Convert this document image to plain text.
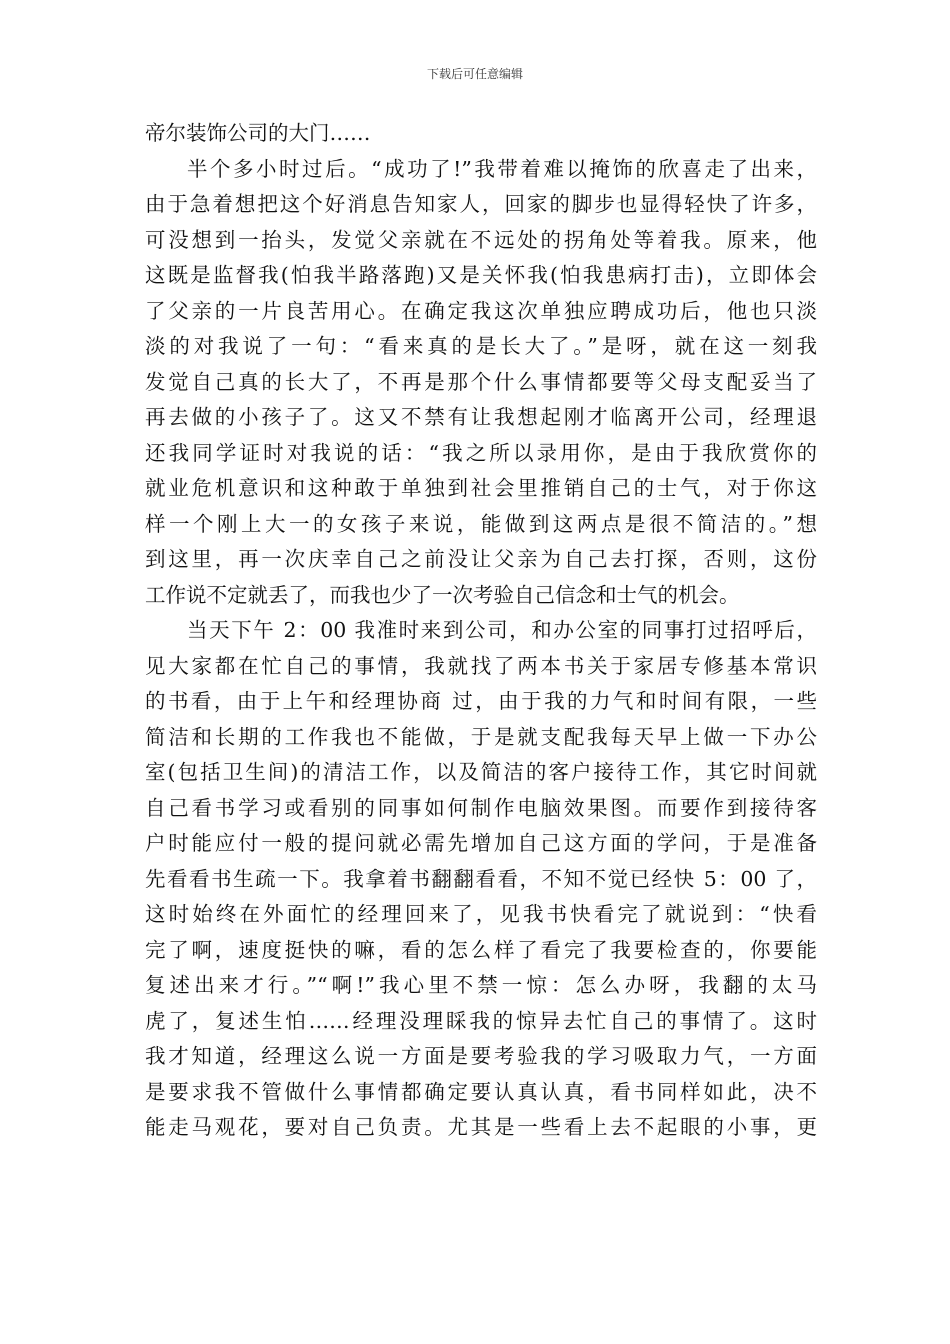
下载后可任意编辑
帝尔装饰公司的大门……
半个多小时过后。“成功了!”我带着难以掩饰的欣喜走了出来，
由于急着想把这个好消息告知家人，回家的脚步也显得轻快了许多，
可没想到一抬头，发觉父亲就在不远处的拐角处等着我。原来，他
这既是监督我(怕我半路落跑)又是关怀我(怕我患病打击)，立即体会
了父亲的一片良苦用心。在确定我这次单独应聘成功后，他也只淡
淡的对我说了一句：“看来真的是长大了。”是呀，就在这一刻我
发觉自己真的长大了，不再是那个什么事情都要等父母支配妥当了
再去做的小孩子了。这又不禁有让我想起刚才临离开公司，经理退
还我同学证时对我说的话：“我之所以录用你，是由于我欣赏你的
就业危机意识和这种敢于单独到社会里推销自己的士气，对于你这
样一个刚上大一的女孩子来说，能做到这两点是很不简洁的。”想
到这里，再一次庆幸自己之前没让父亲为自己去打探，否则，这份
工作说不定就丢了，而我也少了一次考验自己信念和士气的机会。
当天下午 2：00 我准时来到公司，和办公室的同事打过招呼后，
见大家都在忙自己的事情，我就找了两本书关于家居专修基本常识
的书看，由于上午和经理协商 过，由于我的力气和时间有限，一些
简洁和长期的工作我也不能做，于是就支配我每天早上做一下办公
室(包括卫生间)的清洁工作，以及简洁的客户接待工作，其它时间就
自己看书学习或看别的同事如何制作电脑效果图。而要作到接待客
户时能应付一般的提问就必需先增加自己这方面的学问，于是准备
先看看书生疏一下。我拿着书翻翻看看，不知不觉已经快 5：00 了，
这时始终在外面忙的经理回来了，见我书快看完了就说到：“快看
完了啊，速度挺快的嘛，看的怎么样了看完了我要检查的，你要能
复述出来才行。”“啊!”我心里不禁一惊：怎么办呀，我翻的太马
虎了，复述生怕……经理没理睬我的惊异去忙自己的事情了。这时
我才知道，经理这么说一方面是要考验我的学习吸取力气，一方面
是要求我不管做什么事情都确定要认真认真，看书同样如此，决不
能走马观花，要对自己负责。尤其是一些看上去不起眼的小事，更
